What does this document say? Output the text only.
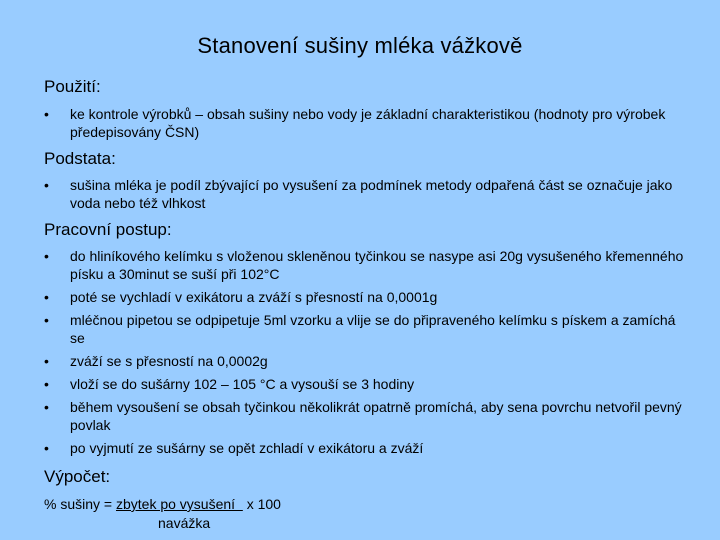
Stanovení sušiny mléka vážkově
Použití:
• ke kontrole výrobků – obsah sušiny nebo vody je základní charakteristikou (hodnoty pro výrobek předepisovány ČSN)
Podstata:
• sušina mléka je podíl zbývající po vysušení za podmínek metody odpařená část se označuje jako voda nebo též vlhkost
Pracovní postup:
• do hliníkového kelímku s vloženou skleněnou tyčinkou se nasype asi 20g vysušeného křemenného písku a 30minut se suší při 102°C
• poté se vychladí v exikátoru a zváží s přesností na 0,0001g
• mléčnou pipetou se odpipetuje 5ml vzorku a vlije se do připraveného kelímku s pískem a zamíchá se
• zváží se s přesností na 0,0002g
• vloží se do sušárny 102 – 105 °C a vysouší se 3 hodiny
• během vysoušení se obsah tyčinkou několikrát opatrně promíchá, aby sena povrchu netvořil pevný povlak
• po vyjmutí ze sušárny se opět zchladí v exikátoru a zváží
Výpočet:
% sušiny = zbytek po vysušení   x 100
navážka
